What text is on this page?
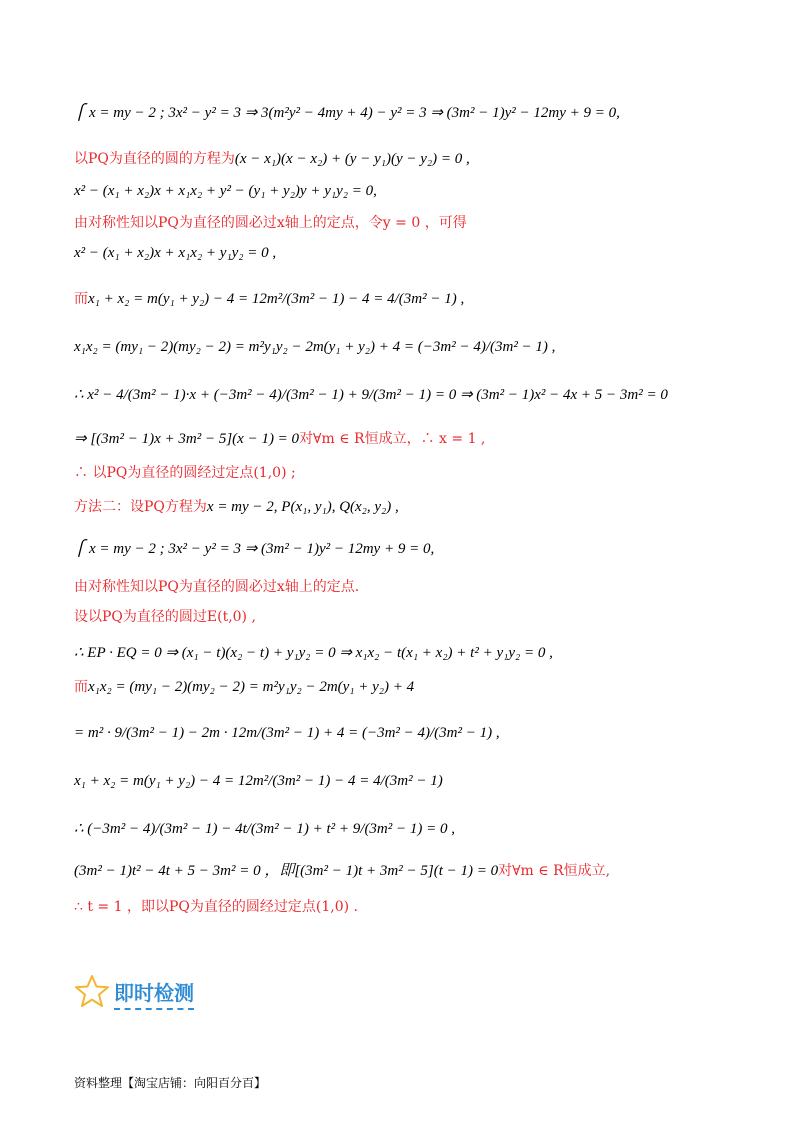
⎧ x = my − 2 ; 3x² − y² = 3 ⇒ 3(m²y² − 4my + 4) − y² = 3 ⇒ (3m² − 1)y² − 12my + 9 = 0,
以PQ为直径的圆的方程为(x − x₁)(x − x₂) + (y − y₁)(y − y₂) = 0 ,
x² − (x₁ + x₂)x + x₁x₂ + y² − (y₁ + y₂)y + y₁y₂ = 0,
由对称性知以PQ为直径的圆必过x轴上的定点，令y = 0 ，可得
x² − (x₁ + x₂)x + x₁x₂ + y₁y₂ = 0 ,
而x₁ + x₂ = m(y₁ + y₂) − 4 = 12m²/(3m² − 1) − 4 = 4/(3m² − 1) ,
x₁x₂ = (my₁ − 2)(my₂ − 2) = m²y₁y₂ − 2m(y₁ + y₂) + 4 = (−3m² − 4)/(3m² − 1) ,
∴ x² − 4/(3m² − 1)·x + (−3m² − 4)/(3m² − 1) + 9/(3m² − 1) = 0 ⇒ (3m² − 1)x² − 4x + 5 − 3m² = 0
⇒ [(3m² − 1)x + 3m² − 5](x − 1) = 0对∀m ∈ R恒成立，∴ x = 1 ,
∴ 以PQ为直径的圆经过定点(1,0) ;
方法二：设PQ方程为x = my − 2, P(x₁, y₁), Q(x₂, y₂) ,
⎧ x = my − 2 ; 3x² − y² = 3 ⇒ (3m² − 1)y² − 12my + 9 = 0,
由对称性知以PQ为直径的圆必过x轴上的定点.
设以PQ为直径的圆过E(t,0) ,
∴ EP · EQ = 0 ⇒ (x₁ − t)(x₂ − t) + y₁y₂ = 0 ⇒ x₁x₂ − t(x₁ + x₂) + t² + y₁y₂ = 0 ,
而x₁x₂ = (my₁ − 2)(my₂ − 2) = m²y₁y₂ − 2m(y₁ + y₂) + 4
= m² · 9/(3m² − 1) − 2m · 12m/(3m² − 1) + 4 = (−3m² − 4)/(3m² − 1) ,
x₁ + x₂ = m(y₁ + y₂) − 4 = 12m²/(3m² − 1) − 4 = 4/(3m² − 1)
∴ (−3m² − 4)/(3m² − 1) − 4t/(3m² − 1) + t² + 9/(3m² − 1) = 0 ,
(3m² − 1)t² − 4t + 5 − 3m² = 0 ，即[(3m² − 1)t + 3m² − 5](t − 1) = 0对∀m ∈ R恒成立,
∴ t = 1 ，即以PQ为直径的圆经过定点(1,0) .
即时检测
资料整理【淘宝店铺：向阳百分百】
